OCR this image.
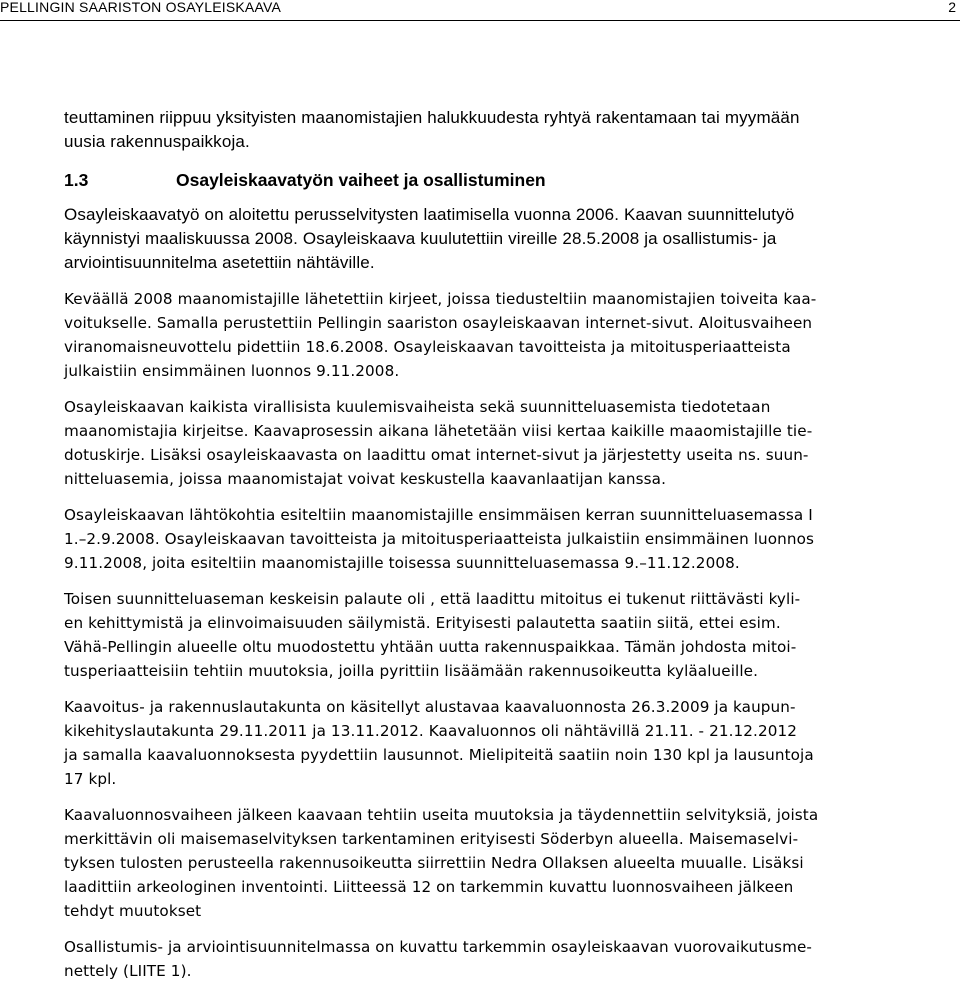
PELLINGIN SAARISTON OSAYLEISKAAVA	2

teuttaminen riippuu yksityisten maanomistajien halukkuudesta ryhtyä rakentamaan tai myymään
uusia rakennuspaikkoja.

1.3	Osayleiskaavatyön vaiheet ja osallistuminen

Osayleiskaavatyö on aloitettu perusselvitysten laatimisella vuonna 2006. Kaavan suunnittelutyö
käynnistyi maaliskuussa 2008. Osayleiskaava kuulutettiin vireille 28.5.2008 ja osallistumis- ja
arviointisuunnitelma asetettiin nähtäville.

Keväällä 2008 maanomistajille lähetettiin kirjeet, joissa tiedusteltiin maanomistajien toiveita kaa-
voitukselle. Samalla perustettiin Pellingin saariston osayleiskaavan internet-sivut. Aloitusvaiheen
viranomaisneuvottelu pidettiin 18.6.2008. Osayleiskaavan tavoitteista ja mitoitusperiaatteista
julkaistiin ensimmäinen luonnos 9.11.2008.

Osayleiskaavan kaikista virallisista kuulemisvaiheista sekä suunnitteluasemista tiedotetaan
maanomistajia kirjeitse. Kaavaprosessin aikana lähetetään viisi kertaa kaikille maaomistajille tie-
dotuskirje. Lisäksi osayleiskaavasta on laadittu omat internet-sivut ja järjestetty useita ns. suun-
nitteluasemia, joissa maanomistajat voivat keskustella kaavanlaatijan kanssa.

Osayleiskaavan lähtökohtia esiteltiin maanomistajille ensimmäisen kerran suunnitteluasemassa I
1.–2.9.2008. Osayleiskaavan tavoitteista ja mitoitusperiaatteista julkaistiin ensimmäinen luonnos
9.11.2008, joita esiteltiin maanomistajille toisessa suunnitteluasemassa 9.–11.12.2008.

Toisen suunnitteluaseman keskeisin palaute oli , että laadittu mitoitus ei tukenut riittävästi kyli-
en kehittymistä ja elinvoimaisuuden säilymistä. Erityisesti palautetta saatiin siitä, ettei esim.
Vähä-Pellingin alueelle oltu muodostettu yhtään uutta rakennuspaikkaa. Tämän johdosta mitoi-
tusperiaatteisiin tehtiin muutoksia, joilla pyrittiin lisäämään rakennusoikeutta kyläalueille.

Kaavoitus- ja rakennuslautakunta on käsitellyt alustavaa kaavaluonnosta 26.3.2009 ja kaupun-
kikehityslautakunta 29.11.2011 ja 13.11.2012. Kaavaluonnos oli nähtävillä 21.11. - 21.12.2012
ja samalla kaavaluonnoksesta pyydettiin lausunnot. Mielipiteitä saatiin noin 130 kpl ja lausuntoja
17 kpl.

Kaavaluonnosvaiheen jälkeen kaavaan tehtiin useita muutoksia ja täydennettiin selvityksiä, joista
merkittävin oli maisemaselvityksen tarkentaminen erityisesti Söderbyn alueella. Maisemaselvi-
tyksen tulosten perusteella rakennusoikeutta siirrettiin Nedra Ollaksen alueelta muualle. Lisäksi
laadittiin arkeologinen inventointi. Liitteessä 12 on tarkemmin kuvattu luonnosvaiheen jälkeen
tehdyt muutokset

Osallistumis- ja arviointisuunnitelmassa on kuvattu tarkemmin osayleiskaavan vuorovaikutusme-
nettely (LIITE 1).
